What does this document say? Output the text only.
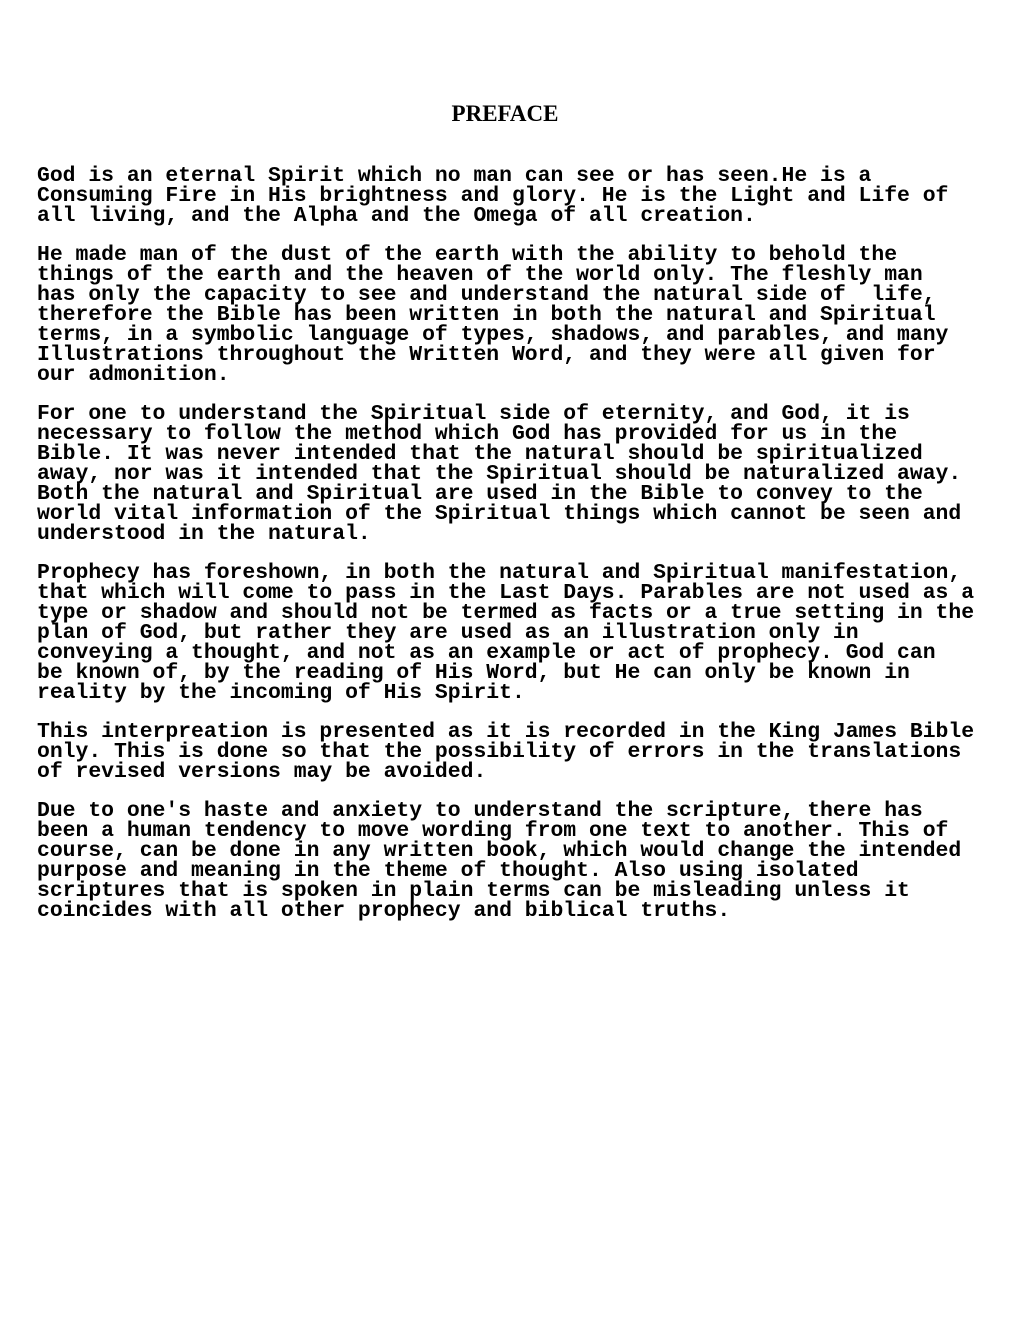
PREFACE
God is an eternal Spirit which no man can see or has seen.He is a
Consuming Fire in His brightness and glory. He is the Light and Life of
all living, and the Alpha and the Omega of all creation.
He made man of the dust of the earth with the ability to behold the
things of the earth and the heaven of the world only. The fleshly man
has only the capacity to see and understand the natural side of  life,
therefore the Bible has been written in both the natural and Spiritual
terms, in a symbolic language of types, shadows, and parables, and many
Illustrations throughout the Written Word, and they were all given for
our admonition.
For one to understand the Spiritual side of eternity, and God, it is
necessary to follow the method which God has provided for us in the
Bible. It was never intended that the natural should be spiritualized
away, nor was it intended that the Spiritual should be naturalized away.
Both the natural and Spiritual are used in the Bible to convey to the
world vital information of the Spiritual things which cannot be seen and
understood in the natural.
Prophecy has foreshown, in both the natural and Spiritual manifestation,
that which will come to pass in the Last Days. Parables are not used as a
type or shadow and should not be termed as facts or a true setting in the
plan of God, but rather they are used as an illustration only in
conveying a thought, and not as an example or act of prophecy. God can
be known of, by the reading of His Word, but He can only be known in
reality by the incoming of His Spirit.
This interpreation is presented as it is recorded in the King James Bible
only. This is done so that the possibility of errors in the translations
of revised versions may be avoided.
Due to one's haste and anxiety to understand the scripture, there has
been a human tendency to move wording from one text to another. This of
course, can be done in any written book, which would change the intended
purpose and meaning in the theme of thought. Also using isolated
scriptures that is spoken in plain terms can be misleading unless it
coincides with all other prophecy and biblical truths.
